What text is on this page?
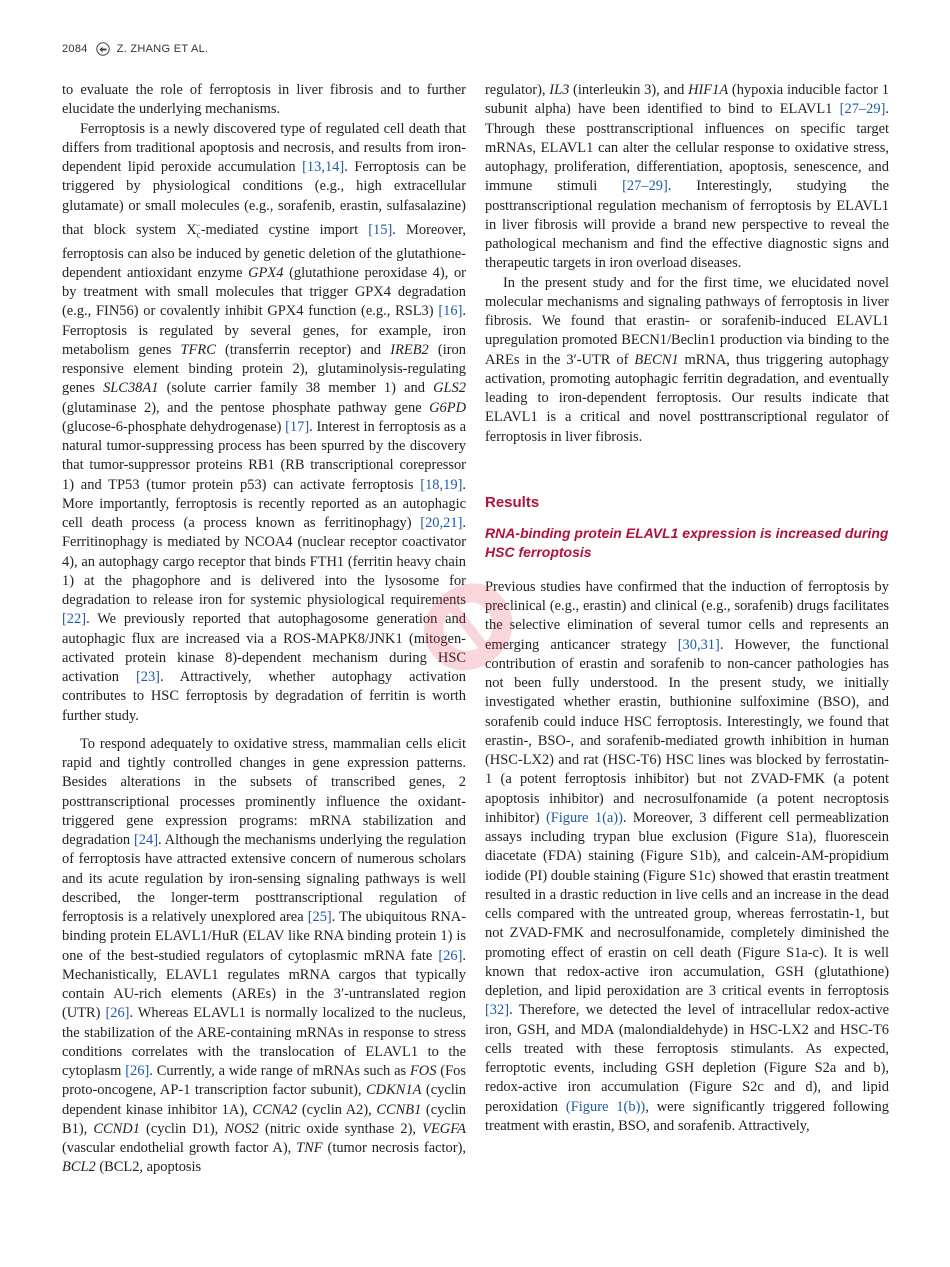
2084	Z. ZHANG ET AL.

to evaluate the role of ferroptosis in liver fibrosis and to further elucidate the underlying mechanisms.

Ferroptosis is a newly discovered type of regulated cell death that differs from traditional apoptosis and necrosis, and results from iron-dependent lipid peroxide accumulation [13,14]. Ferroptosis can be triggered by physiological conditions (e.g., high extracellular glutamate) or small molecules (e.g., sorafenib, erastin, sulfasalazine) that block system $X_c^-$-mediated cystine import [15]. Moreover, ferroptosis can also be induced by genetic deletion of the glutathione-dependent antioxidant enzyme GPX4 (glutathione peroxidase 4), or by treatment with small molecules that trigger GPX4 degradation (e.g., FIN56) or covalently inhibit GPX4 function (e.g., RSL3) [16]. Ferroptosis is regulated by several genes, for example, iron metabolism genes TFRC (transferrin receptor) and IREB2 (iron responsive element binding protein 2), glutaminolysis-regulating genes SLC38A1 (solute carrier family 38 member 1) and GLS2 (glutaminase 2), and the pentose phosphate pathway gene G6PD (glucose-6-phosphate dehydrogenase) [17]. Interest in ferroptosis as a natural tumor-suppressing process has been spurred by the discovery that tumor-suppressor proteins RB1 (RB transcriptional corepressor 1) and TP53 (tumor protein p53) can activate ferroptosis [18,19]. More importantly, ferroptosis is recently reported as an autophagic cell death process (a process known as ferritinophagy) [20,21]. Ferritinophagy is mediated by NCOA4 (nuclear receptor coactivator 4), an autophagy cargo receptor that binds FTH1 (ferritin heavy chain 1) at the phagophore and is delivered into the lysosome for degradation to release iron for systemic physiological requirements [22]. We previously reported that autophagosome generation and autophagic flux are increased via a ROS-MAPK8/JNK1 (mitogen-activated protein kinase 8)-dependent mechanism during HSC activation [23]. Attractively, whether autophagy activation contributes to HSC ferroptosis by degradation of ferritin is worth further study.

To respond adequately to oxidative stress, mammalian cells elicit rapid and tightly controlled changes in gene expression patterns. Besides alterations in the subsets of transcribed genes, 2 posttranscriptional processes prominently influence the oxidant-triggered gene expression programs: mRNA stabilization and degradation [24]. Although the mechanisms underlying the regulation of ferroptosis have attracted extensive concern of numerous scholars and its acute regulation by iron-sensing signaling pathways is well described, the longer-term posttranscriptional regulation of ferroptosis is a relatively unexplored area [25]. The ubiquitous RNA-binding protein ELAVL1/HuR (ELAV like RNA binding protein 1) is one of the best-studied regulators of cytoplasmic mRNA fate [26]. Mechanistically, ELAVL1 regulates mRNA cargos that typically contain AU-rich elements (AREs) in the 3′-untranslated region (UTR) [26]. Whereas ELAVL1 is normally localized to the nucleus, the stabilization of the ARE-containing mRNAs in response to stress conditions correlates with the translocation of ELAVL1 to the cytoplasm [26]. Currently, a wide range of mRNAs such as FOS (Fos proto-oncogene, AP-1 transcription factor subunit), CDKN1A (cyclin dependent kinase inhibitor 1A), CCNA2 (cyclin A2), CCNB1 (cyclin B1), CCND1 (cyclin D1), NOS2 (nitric oxide synthase 2), VEGFA (vascular endothelial growth factor A), TNF (tumor necrosis factor), BCL2 (BCL2, apoptosis

regulator), IL3 (interleukin 3), and HIF1A (hypoxia inducible factor 1 subunit alpha) have been identified to bind to ELAVL1 [27–29]. Through these posttranscriptional influences on specific target mRNAs, ELAVL1 can alter the cellular response to oxidative stress, autophagy, proliferation, differentiation, apoptosis, senescence, and immune stimuli [27–29]. Interestingly, studying the posttranscriptional regulation mechanism of ferroptosis by ELAVL1 in liver fibrosis will provide a brand new perspective to reveal the pathological mechanism and find the effective diagnostic signs and therapeutic targets in iron overload diseases.

In the present study and for the first time, we elucidated novel molecular mechanisms and signaling pathways of ferroptosis in liver fibrosis. We found that erastin- or sorafenib-induced ELAVL1 upregulation promoted BECN1/Beclin1 production via binding to the AREs in the 3′-UTR of BECN1 mRNA, thus triggering autophagy activation, promoting autophagic ferritin degradation, and eventually leading to iron-dependent ferroptosis. Our results indicate that ELAVL1 is a critical and novel posttranscriptional regulator of ferroptosis in liver fibrosis.

Results
RNA-binding protein ELAVL1 expression is increased during HSC ferroptosis

Previous studies have confirmed that the induction of ferroptosis by preclinical (e.g., erastin) and clinical (e.g., sorafenib) drugs facilitates the selective elimination of several tumor cells and represents an emerging anticancer strategy [30,31]. However, the functional contribution of erastin and sorafenib to non-cancer pathologies has not been fully understood. In the present study, we initially investigated whether erastin, buthionine sulfoximine (BSO), and sorafenib could induce HSC ferroptosis. Interestingly, we found that erastin-, BSO-, and sorafenib-mediated growth inhibition in human (HSC-LX2) and rat (HSC-T6) HSC lines was blocked by ferrostatin-1 (a potent ferroptosis inhibitor) but not ZVAD-FMK (a potent apoptosis inhibitor) and necrosulfonamide (a potent necroptosis inhibitor) (Figure 1(a)). Moreover, 3 different cell permeablization assays including trypan blue exclusion (Figure S1a), fluorescein diacetate (FDA) staining (Figure S1b), and calcein-AM-propidium iodide (PI) double staining (Figure S1c) showed that erastin treatment resulted in a drastic reduction in live cells and an increase in the dead cells compared with the untreated group, whereas ferrostatin-1, but not ZVAD-FMK and necrosulfonamide, completely diminished the promoting effect of erastin on cell death (Figure S1a-c). It is well known that redox-active iron accumulation, GSH (glutathione) depletion, and lipid peroxidation are 3 critical events in ferroptosis [32]. Therefore, we detected the level of intracellular redox-active iron, GSH, and MDA (malondialdehyde) in HSC-LX2 and HSC-T6 cells treated with these ferroptosis stimulants. As expected, ferroptotic events, including GSH depletion (Figure S2a and b), redox-active iron accumulation (Figure S2c and d), and lipid peroxidation (Figure 1(b)), were significantly triggered following treatment with erastin, BSO, and sorafenib. Attractively,
